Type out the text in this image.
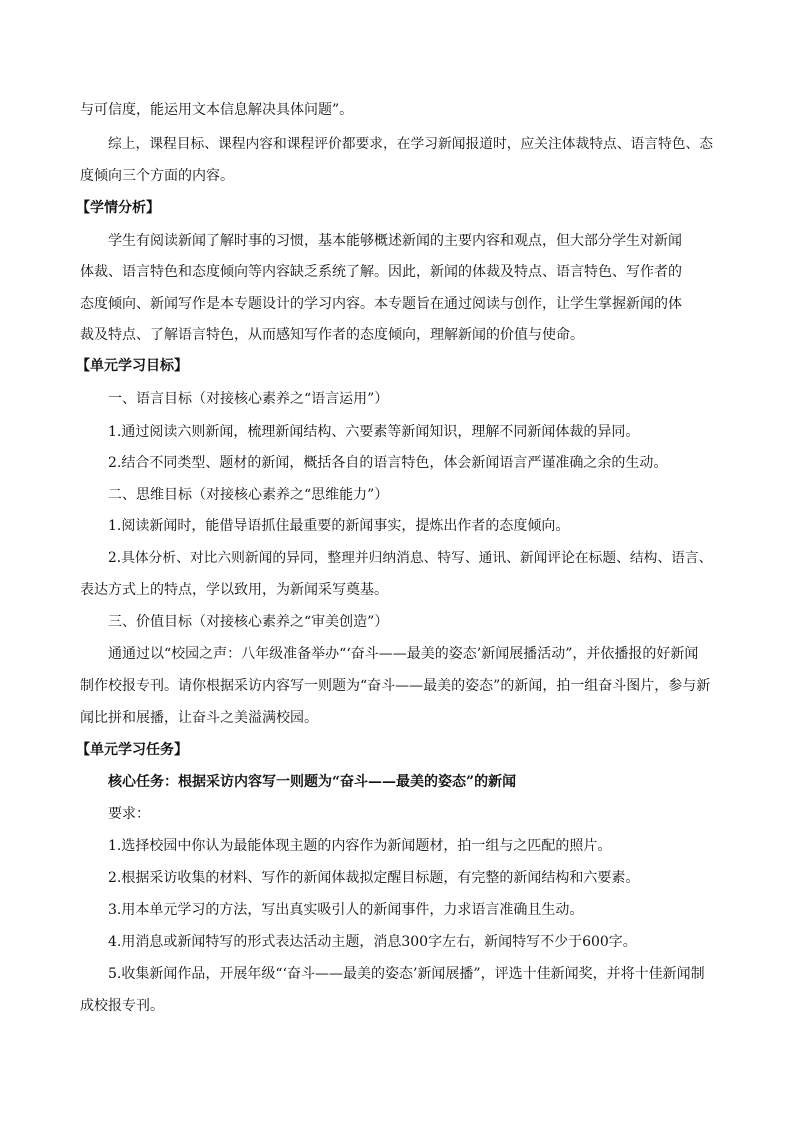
与可信度，能运用文本信息解决具体问题”。
综上，课程目标、课程内容和课程评价都要求，在学习新闻报道时，应关注体裁特点、语言特色、态
度倾向三个方面的内容。
【学情分析】
学生有阅读新闻了解时事的习惯，基本能够概述新闻的主要内容和观点，但大部分学生对新闻
体裁、语言特色和态度倾向等内容缺乏系统了解。因此，新闻的体裁及特点、语言特色、写作者的
态度倾向、新闻写作是本专题设计的学习内容。本专题旨在通过阅读与创作，让学生掌握新闻的体
裁及特点、了解语言特色，从而感知写作者的态度倾向，理解新闻的价值与使命。
【单元学习目标】
一、语言目标（对接核心素养之“语言运用”）
1.通过阅读六则新闻，梳理新闻结构、六要素等新闻知识，理解不同新闻体裁的异同。
2.结合不同类型、题材的新闻，概括各自的语言特色，体会新闻语言严谨准确之余的生动。
二、思维目标（对接核心素养之“思维能力”）
1.阅读新闻时，能借导语抓住最重要的新闻事实，提炼出作者的态度倾向。
2.具体分析、对比六则新闻的异同，整理并归纳消息、特写、通讯、新闻评论在标题、结构、语言、
表达方式上的特点，学以致用，为新闻采写奠基。
三、价值目标（对接核心素养之“审美创造”）
通通过以“校园之声：八年级准备举办“‘奋斗——最美的姿态’新闻展播活动”，并依播报的好新闻
制作校报专刊。请你根据采访内容写一则题为“奋斗——最美的姿态”的新闻，拍一组奋斗图片，参与新
闻比拼和展播，让奋斗之美溢满校园。
【单元学习任务】
核心任务：根据采访内容写一则题为“奋斗——最美的姿态”的新闻
要求：
1.选择校园中你认为最能体现主题的内容作为新闻题材，拍一组与之匹配的照片。
2.根据采访收集的材料、写作的新闻体裁拟定醒目标题，有完整的新闻结构和六要素。
3.用本单元学习的方法，写出真实吸引人的新闻事件，力求语言准确且生动。
4.用消息或新闻特写的形式表达活动主题，消息300字左右，新闻特写不少于600字。
5.收集新闻作品，开展年级“‘奋斗——最美的姿态’新闻展播”，评选十佳新闻奖，并将十佳新闻制
成校报专刊。
